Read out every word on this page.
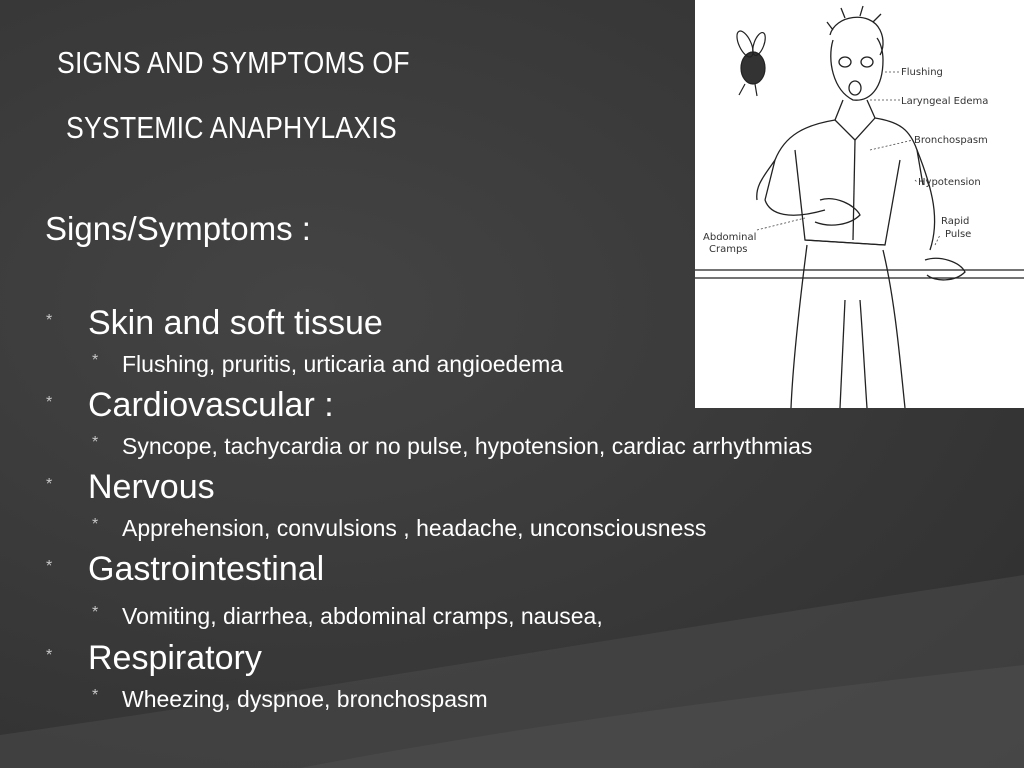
SIGNS AND SYMPTOMS OF
SYSTEMIC ANAPHYLAXIS
Signs/Symptoms :
* Skin and soft tissue
* Flushing, pruritis, urticaria and angioedema
* Cardiovascular :
* Syncope, tachycardia or no pulse, hypotension, cardiac arrhythmias
* Nervous
* Apprehension, convulsions , headache, unconsciousness
* Gastrointestinal
* Vomiting, diarrhea, abdominal cramps, nausea,
* Respiratory
* Wheezing, dyspnoe, bronchospasm
Flushing
Laryngeal Edema
Bronchospasm
Hypotension
Rapid
Pulse
Abdominal
Cramps
